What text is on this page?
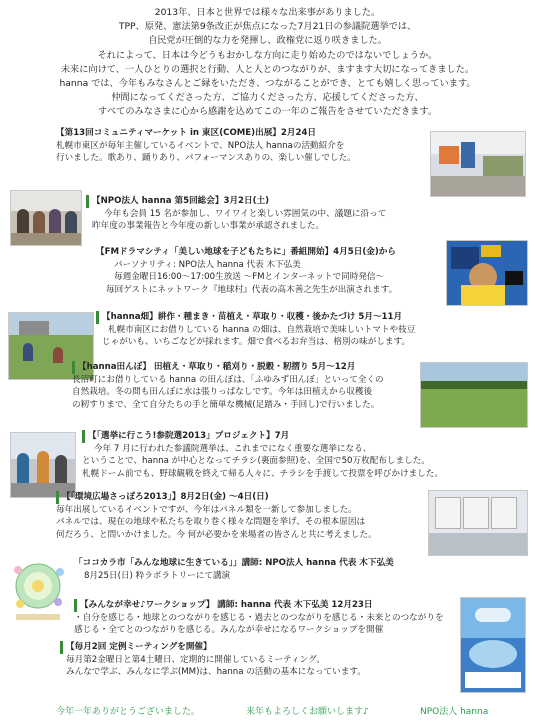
2013年、日本と世界では様々な出来事がありました。

TPP、原発、憲法第9条改正が焦点になった7月21日の参議院選挙では、

自民党が圧倒的な力を発揮し、政権党に返り咲きました。

それによって、日本は今どうもおかしな方向に走り始めたのではないでしょうか。

未来に向けて、一人ひとりの選択と行動、人と人とのつながりが、ますます大切になってきました。

hanna では、今年もみなさんとご縁をいただき、つながることができ、とても嬉しく思っています。

仲間になってくださった方、ご協力くださった方、応援してくださった方、

すべてのみなさまに心から感謝を込めてこの一年のご報告をさせていただきます。

【第13回コミュニティマーケット in 東区(COME)出展】2月24日

札幌市東区が毎年主催しているイベントで、NPO法人 hannaの活動紹介を

行いました。歌あり、踊りあり、パフォーマンスありの、楽しい催しでした。

【NPO法人 hanna 第5回総会】3月2日(土)

今年も会員 15 名が参加し、ワイワイと楽しい雰囲気の中、議題に沿って

昨年度の事業報告と今年度の新しい事業が承認されました。

【FMドラマシティ「美しい地球を子どもたちに」番組開始】4月5日(金)から

パーソナリティ: NPO法人 hanna 代表 木下弘美

毎週金曜日16:00～17:00生放送 ～FMとインターネットで同時発信～

毎回ゲストにネットワーク『地球村』代表の高木善之先生が出演されます。

【hanna畑】耕作・種まき・苗植え・草取り・収穫・後かたづけ 5月～11月

札幌市南区にお借りしている hanna の畑は、自然栽培で美味しいトマトや枝豆

じゃがいも、いちごなどが採れます。畑で食べるお弁当は、格別の味がします。

【hanna田んぼ】 田植え・草取り・稲刈り・脱穀・籾摺り 5月～12月

長沼町にお借りしている hanna の田んぼは、「ふゆみず田んぼ」といって全くの

自然栽培。冬の間も田んぼに水は張りっぱなしです。今年は田植えから収穫後

の籾すりまで、全て自分たちの手と簡単な機械(足踏み・手回し)で行いました。

【「選挙に行こう!参院選2013」プロジェクト】7月

今年 7 月に行われた参議院選挙は、これまでになく重要な選挙になる、

ということで、hanna が中心となってチラシ(裏面参照)を、全国で50万枚配布しました。

札幌ドーム前でも、野球観戦を終えて帰る人々に、チラシを手渡して投票を呼びかけました。

【「環境広場さっぽろ2013」】8月2日(金) ～4日(日)

毎年出展しているイベントですが、今年はパネル類を一新して参加しました。

パネルでは、現在の地球や私たちを取り巻く様々な問題を挙げ、その根本原因は

何だろう、と問いかけました。今 何が必要かを来場者の皆さんと共に考えました。

「ココカラ市「みんな地球に生きている」」講師: NPO法人 hanna 代表 木下弘美

8月25日(日) 粋ラボラトリーにて講演

【みんなが幸せ♪ワークショップ】 講師: hanna 代表 木下弘美 12月23日

・自分を感じる・地球とのつながりを感じる・過去とのつながりを感じる・未来とのつながりを

感じる・全てとのつながりを感じる。みんなが幸せになるワークショップを開催

【毎月2回 定例ミーティングを開催】

毎月第2金曜日と第4土曜日、定期的に開催しているミーティング。

みんなで学ぶ、みんなに学ぶ(MM)は、hanna の活動の基本になっています。

今年一年ありがとうございました。	来年もよろしくお願いします♪	NPO法人 hanna
